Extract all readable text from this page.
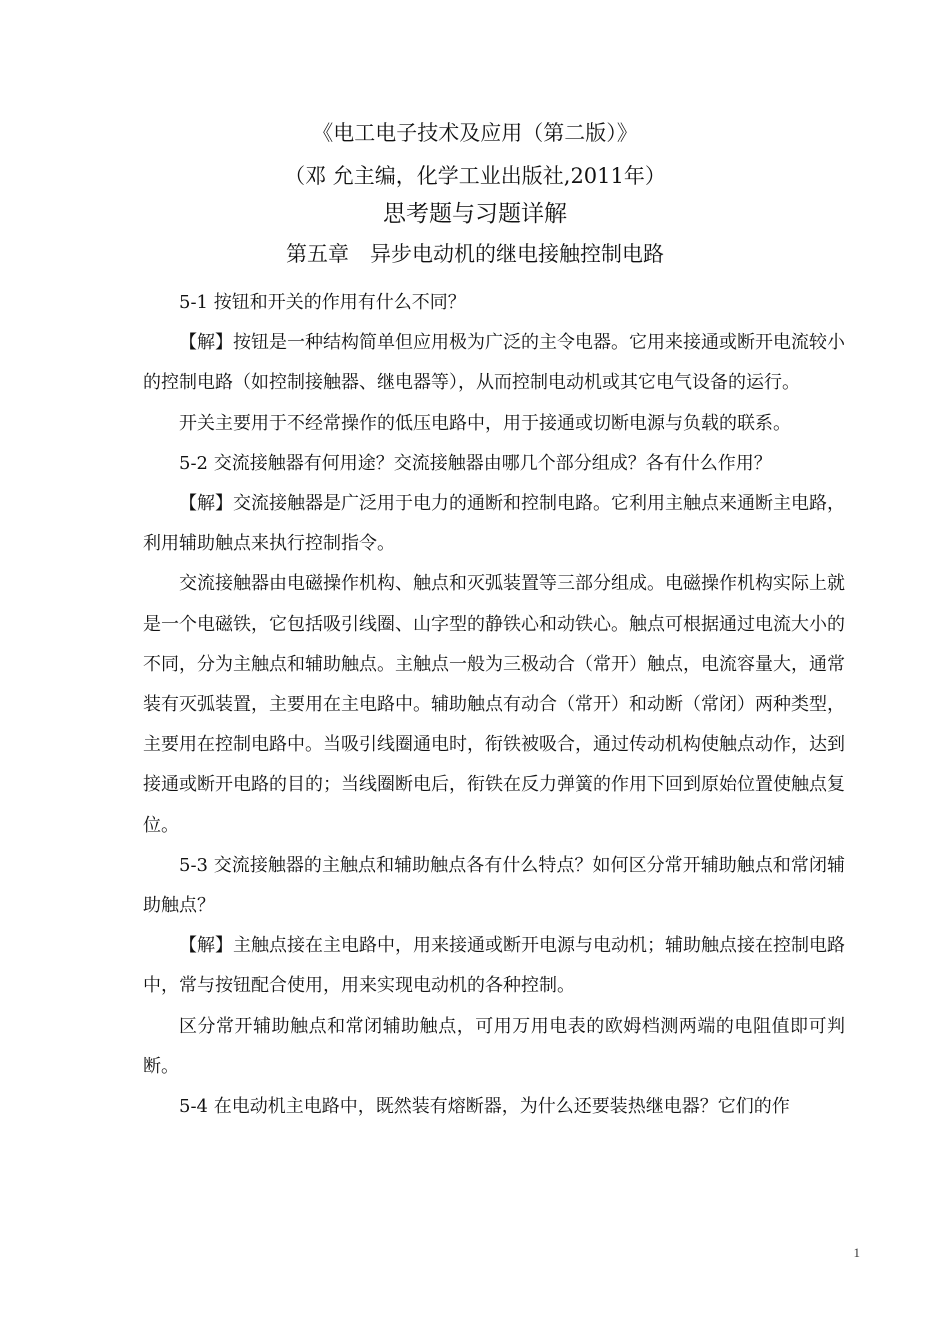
《电工电子技术及应用（第二版）》
（邓 允主编，化学工业出版社,2011年）
思考题与习题详解
第五章　异步电动机的继电接触控制电路

5-1 按钮和开关的作用有什么不同？

【解】按钮是一种结构简单但应用极为广泛的主令电器。它用来接通或断开电流较小的控制电路（如控制接触器、继电器等），从而控制电动机或其它电气设备的运行。

开关主要用于不经常操作的低压电路中，用于接通或切断电源与负载的联系。

5-2 交流接触器有何用途？交流接触器由哪几个部分组成？各有什么作用？

【解】交流接触器是广泛用于电力的通断和控制电路。它利用主触点来通断主电路，利用辅助触点来执行控制指令。

交流接触器由电磁操作机构、触点和灭弧装置等三部分组成。电磁操作机构实际上就是一个电磁铁，它包括吸引线圈、山字型的静铁心和动铁心。触点可根据通过电流大小的不同，分为主触点和辅助触点。主触点一般为三极动合（常开）触点，电流容量大，通常装有灭弧装置，主要用在主电路中。辅助触点有动合（常开）和动断（常闭）两种类型，主要用在控制电路中。当吸引线圈通电时，衔铁被吸合，通过传动机构使触点动作，达到接通或断开电路的目的；当线圈断电后，衔铁在反力弹簧的作用下回到原始位置使触点复位。

5-3 交流接触器的主触点和辅助触点各有什么特点？如何区分常开辅助触点和常闭辅助触点？

【解】主触点接在主电路中，用来接通或断开电源与电动机；辅助触点接在控制电路中，常与按钮配合使用，用来实现电动机的各种控制。

区分常开辅助触点和常闭辅助触点，可用万用电表的欧姆档测两端的电阻值即可判断。

5-4 在电动机主电路中，既然装有熔断器，为什么还要装热继电器？它们的作

1
